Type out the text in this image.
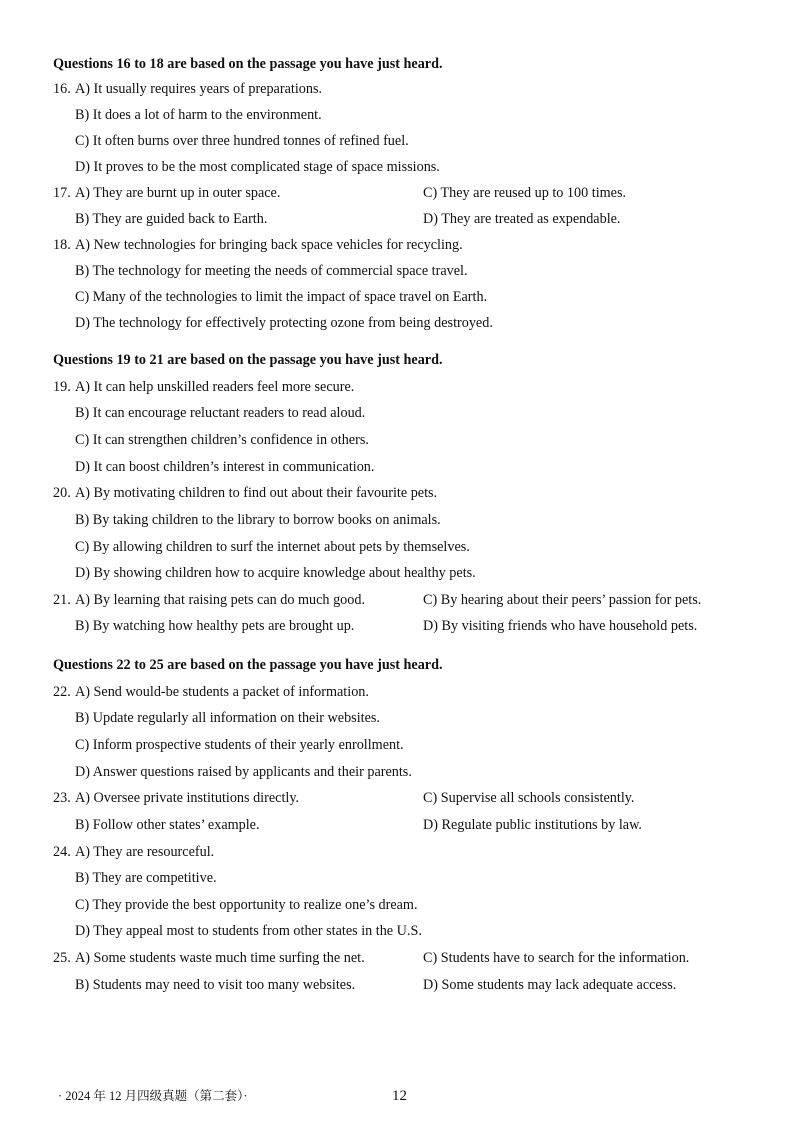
Questions 16 to 18 are based on the passage you have just heard.
16. A) It usually requires years of preparations.
B) It does a lot of harm to the environment.
C) It often burns over three hundred tonnes of refined fuel.
D) It proves to be the most complicated stage of space missions.
17. A) They are burnt up in outer space.	C) They are reused up to 100 times.
B) They are guided back to Earth.	D) They are treated as expendable.
18. A) New technologies for bringing back space vehicles for recycling.
B) The technology for meeting the needs of commercial space travel.
C) Many of the technologies to limit the impact of space travel on Earth.
D) The technology for effectively protecting ozone from being destroyed.
Questions 19 to 21 are based on the passage you have just heard.
19. A) It can help unskilled readers feel more secure.
B) It can encourage reluctant readers to read aloud.
C) It can strengthen children’s confidence in others.
D) It can boost children’s interest in communication.
20. A) By motivating children to find out about their favourite pets.
B) By taking children to the library to borrow books on animals.
C) By allowing children to surf the internet about pets by themselves.
D) By showing children how to acquire knowledge about healthy pets.
21. A) By learning that raising pets can do much good.	C) By hearing about their peers’ passion for pets.
B) By watching how healthy pets are brought up.	D) By visiting friends who have household pets.
Questions 22 to 25 are based on the passage you have just heard.
22. A) Send would-be students a packet of information.
B) Update regularly all information on their websites.
C) Inform prospective students of their yearly enrollment.
D) Answer questions raised by applicants and their parents.
23. A) Oversee private institutions directly.	C) Supervise all schools consistently.
B) Follow other states’ example.	D) Regulate public institutions by law.
24. A) They are resourceful.
B) They are competitive.
C) They provide the best opportunity to realize one’s dream.
D) They appeal most to students from other states in the U.S.
25. A) Some students waste much time surfing the net.	C) Students have to search for the information.
B) Students may need to visit too many websites.	D) Some students may lack adequate access.
· 2024 年 12 月四级真题（第二套）·	12
